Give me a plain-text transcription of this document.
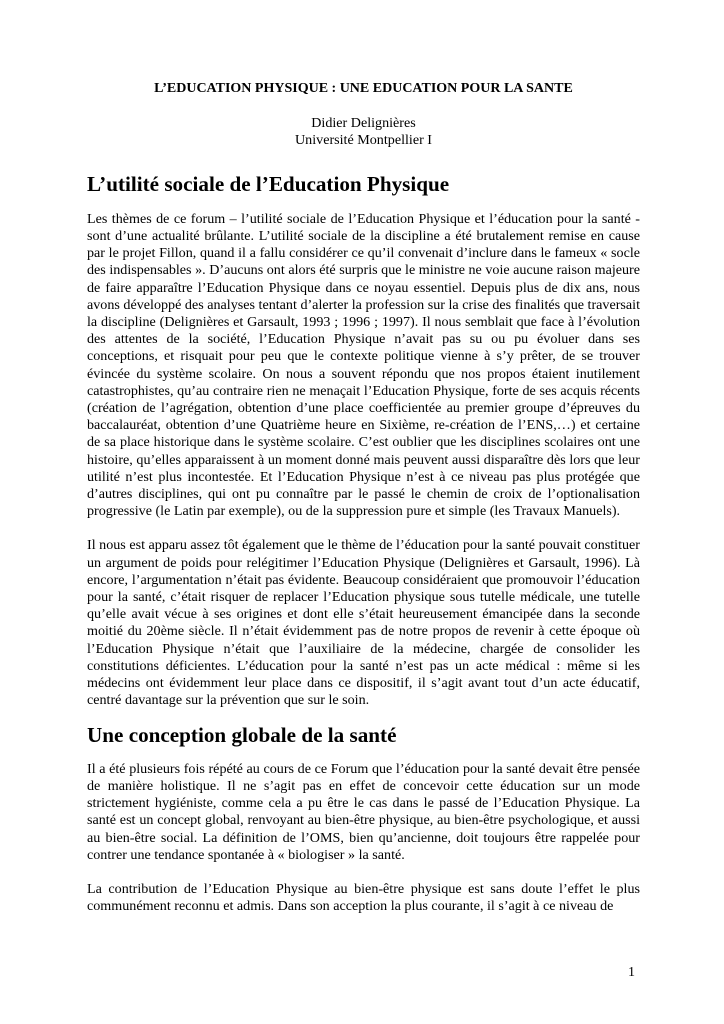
L’EDUCATION PHYSIQUE : UNE EDUCATION POUR LA SANTE
Didier Delignières
Université Montpellier I
L’utilité sociale de l’Education Physique

Les thèmes de ce forum – l’utilité sociale de l’Education Physique et l’éducation pour la santé - sont d’une actualité brûlante. L’utilité sociale de la discipline a été brutalement remise en cause par le projet Fillon, quand il a fallu considérer ce qu’il convenait d’inclure dans le fameux « socle des indispensables ». D’aucuns ont alors été surpris que le ministre ne voie aucune raison majeure de faire apparaître l’Education Physique dans ce noyau essentiel. Depuis plus de dix ans, nous avons développé des analyses tentant d’alerter la profession sur la crise des finalités que traversait la discipline (Delignières et Garsault, 1993 ; 1996 ; 1997). Il nous semblait que face à l’évolution des attentes de la société, l’Education Physique n’avait pas su ou pu évoluer dans ses conceptions, et risquait pour peu que le contexte politique vienne à s’y prêter, de se trouver évincée du système scolaire. On nous a souvent répondu que nos propos étaient inutilement catastrophistes, qu’au contraire rien ne menaçait l’Education Physique, forte de ses acquis récents (création de l’agrégation, obtention d’une place coefficientée au premier groupe d’épreuves du baccalauréat, obtention d’une Quatrième heure en Sixième, re-création de l’ENS,…) et certaine de sa place historique dans le système scolaire. C’est oublier que les disciplines scolaires ont une histoire, qu’elles apparaissent à un moment donné mais peuvent aussi disparaître dès lors que leur utilité n’est plus incontestée. Et l’Education Physique n’est à ce niveau pas plus protégée que d’autres disciplines, qui ont pu connaître par le passé le chemin de croix de l’optionalisation progressive (le Latin par exemple), ou de la suppression pure et simple (les Travaux Manuels).

Il nous est apparu assez tôt également que le thème de l’éducation pour la santé pouvait constituer un argument de poids pour relégitimer l’Education Physique (Delignières et Garsault, 1996). Là encore, l’argumentation n’était pas évidente. Beaucoup considéraient que promouvoir l’éducation pour la santé, c’était risquer de replacer l’Education physique sous tutelle médicale, une tutelle qu’elle avait vécue à ses origines et dont elle s’était heureusement émancipée dans la seconde moitié du 20ème siècle. Il n’était évidemment pas de notre propos de revenir à cette époque où l’Education Physique n’était que l’auxiliaire de la médecine, chargée de consolider les constitutions déficientes. L’éducation pour la santé n’est pas un acte médical : même si les médecins ont évidemment leur place dans ce dispositif, il s’agit avant tout d’un acte éducatif, centré davantage sur la prévention que sur le soin.

Une conception globale de la santé

Il a été plusieurs fois répété au cours de ce Forum que l’éducation pour la santé devait être pensée de manière holistique. Il ne s’agit pas en effet de concevoir cette éducation sur un mode strictement hygiéniste, comme cela a pu être le cas dans le passé de l’Education Physique. La santé est un concept global, renvoyant au bien-être physique, au bien-être psychologique, et aussi au bien-être social. La définition de l’OMS, bien qu’ancienne, doit toujours être rappelée pour contrer une tendance spontanée à « biologiser » la santé.

La contribution de l’Education Physique au bien-être physique est sans doute l’effet le plus communément reconnu et admis. Dans son acception la plus courante, il s’agit à ce niveau de

1
